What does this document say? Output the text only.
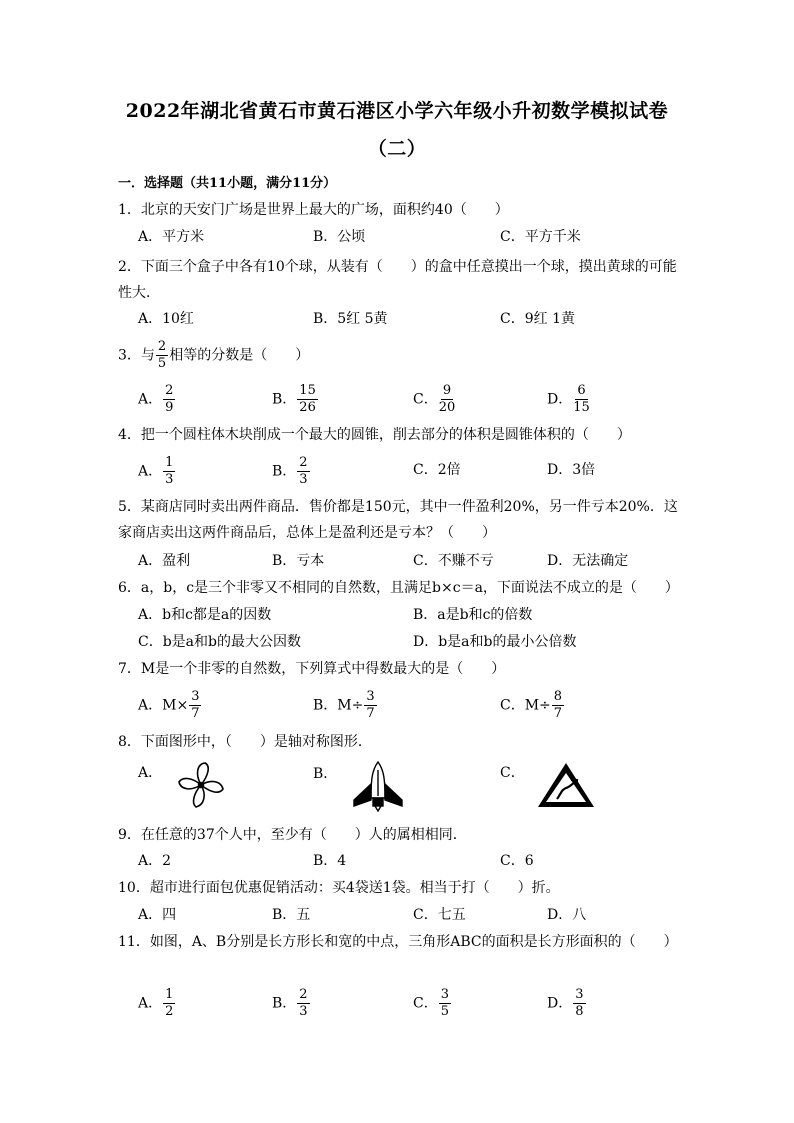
2022年湖北省黄石市黄石港区小学六年级小升初数学模拟试卷
（二）
一．选择题（共11小题，满分11分）
1．北京的天安门广场是世界上最大的广场，面积约40（　　）
A．平方米	B．公顷	C．平方千米
2．下面三个盒子中各有10个球，从装有（　　）的盒中任意摸出一个球，摸出黄球的可能性大．
A．10红	B．5红 5黄	C．9红 1黄
3．与 $\frac{2}{5}$ 相等的分数是（　　）
A． $\frac{2}{9}$	B． $\frac{15}{26}$	C． $\frac{9}{20}$	D． $\frac{6}{15}$
4．把一个圆柱体木块削成一个最大的圆锥，削去部分的体积是圆锥体积的（　　）
A． $\frac{1}{3}$	B． $\frac{2}{3}$	C．2倍	D．3倍
5．某商店同时卖出两件商品．售价都是150元，其中一件盈利20%，另一件亏本20%．这家商店卖出这两件商品后，总体上是盈利还是亏本？（　　）
A．盈利	B．亏本	C．不赚不亏	D．无法确定
6．a，b，c是三个非零又不相同的自然数，且满足b×c＝a，下面说法不成立的是（　　）
A．b和c都是a的因数	B．a是b和c的倍数
C．b是a和b的最大公因数	D．b是a和b的最小公倍数
7．M是一个非零的自然数，下列算式中得数最大的是（　　）
A．$M\times \frac{3}{7}$	B．$M\div \frac{3}{7}$	C．$M\div \frac{8}{7}$
8．下面图形中，（　　）是轴对称图形．
A．	B．	C．
9．在任意的37个人中，至少有（　　）人的属相相同．
A．2	B．4	C．6
10．超市进行面包优惠促销活动：买4袋送1袋。相当于打（　　）折。
A．四	B．五	C．七五	D．八
11．如图，A、B分别是长方形长和宽的中点，三角形ABC的面积是长方形面积的（　　）
A． $\frac{1}{2}$	B． $\frac{2}{3}$	C． $\frac{3}{5}$	D． $\frac{3}{8}$
